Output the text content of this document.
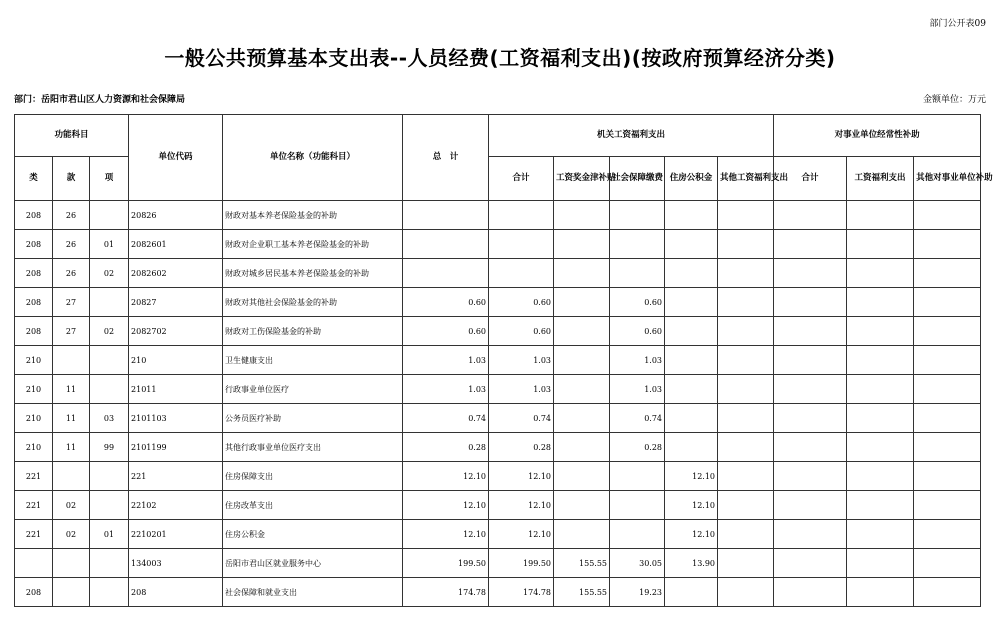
部门公开表09
一般公共预算基本支出表--人员经费(工资福利支出)(按政府预算经济分类)
部门：岳阳市君山区人力资源和社会保障局	金额单位：万元
功能科目			单位代码	单位名称（功能科目）	总　计	机关工资福利支出					对事业单位经常性补助		
类	款	项				合计	工资奖金津补贴	社会保障缴费	住房公积金	其他工资福利支出	合计	工资福利支出	其他对事业单位补助
208	26		20826	财政对基本养老保险基金的补助									
208	26	01	2082601	财政对企业职工基本养老保险基金的补助									
208	26	02	2082602	财政对城乡居民基本养老保险基金的补助									
208	27		20827	财政对其他社会保险基金的补助	0.60	0.60		0.60					
208	27	02	2082702	财政对工伤保险基金的补助	0.60	0.60		0.60					
210			210	卫生健康支出	1.03	1.03		1.03					
210	11		21011	行政事业单位医疗	1.03	1.03		1.03					
210	11	03	2101103	公务员医疗补助	0.74	0.74		0.74					
210	11	99	2101199	其他行政事业单位医疗支出	0.28	0.28		0.28					
221			221	住房保障支出	12.10	12.10			12.10				
221	02		22102	住房改革支出	12.10	12.10			12.10				
221	02	01	2210201	住房公积金	12.10	12.10			12.10				
			134003	岳阳市君山区就业服务中心	199.50	199.50	155.55	30.05	13.90				
208			208	社会保障和就业支出	174.78	174.78	155.55	19.23					
